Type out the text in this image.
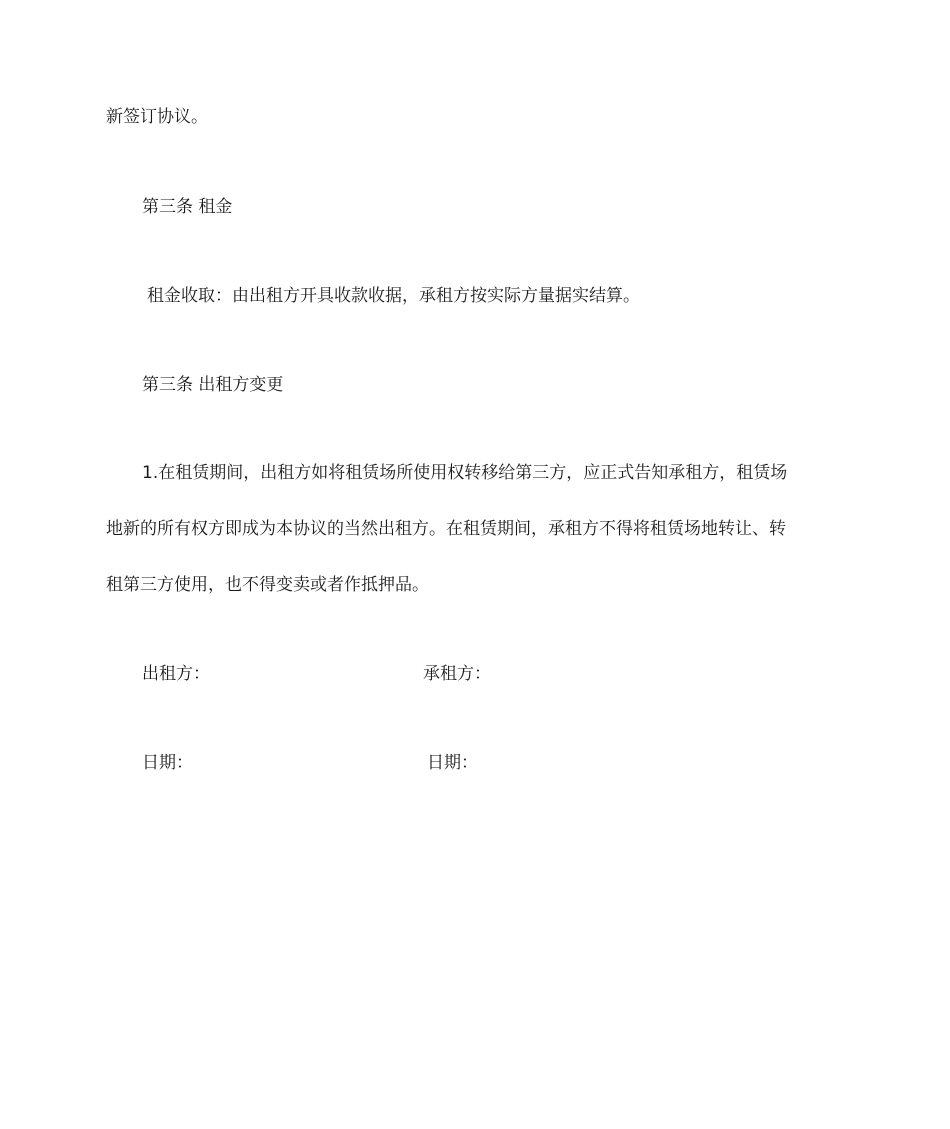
新签订协议。
第三条 租金
租金收取：由出租方开具收款收据，承租方按实际方量据实结算。
第三条 出租方变更
1.在租赁期间，出租方如将租赁场所使用权转移给第三方，应正式告知承租方，租赁场
地新的所有权方即成为本协议的当然出租方。在租赁期间，承租方不得将租赁场地转让、转
租第三方使用，也不得变卖或者作抵押品。
出租方：	承租方：
日期：	日期：
